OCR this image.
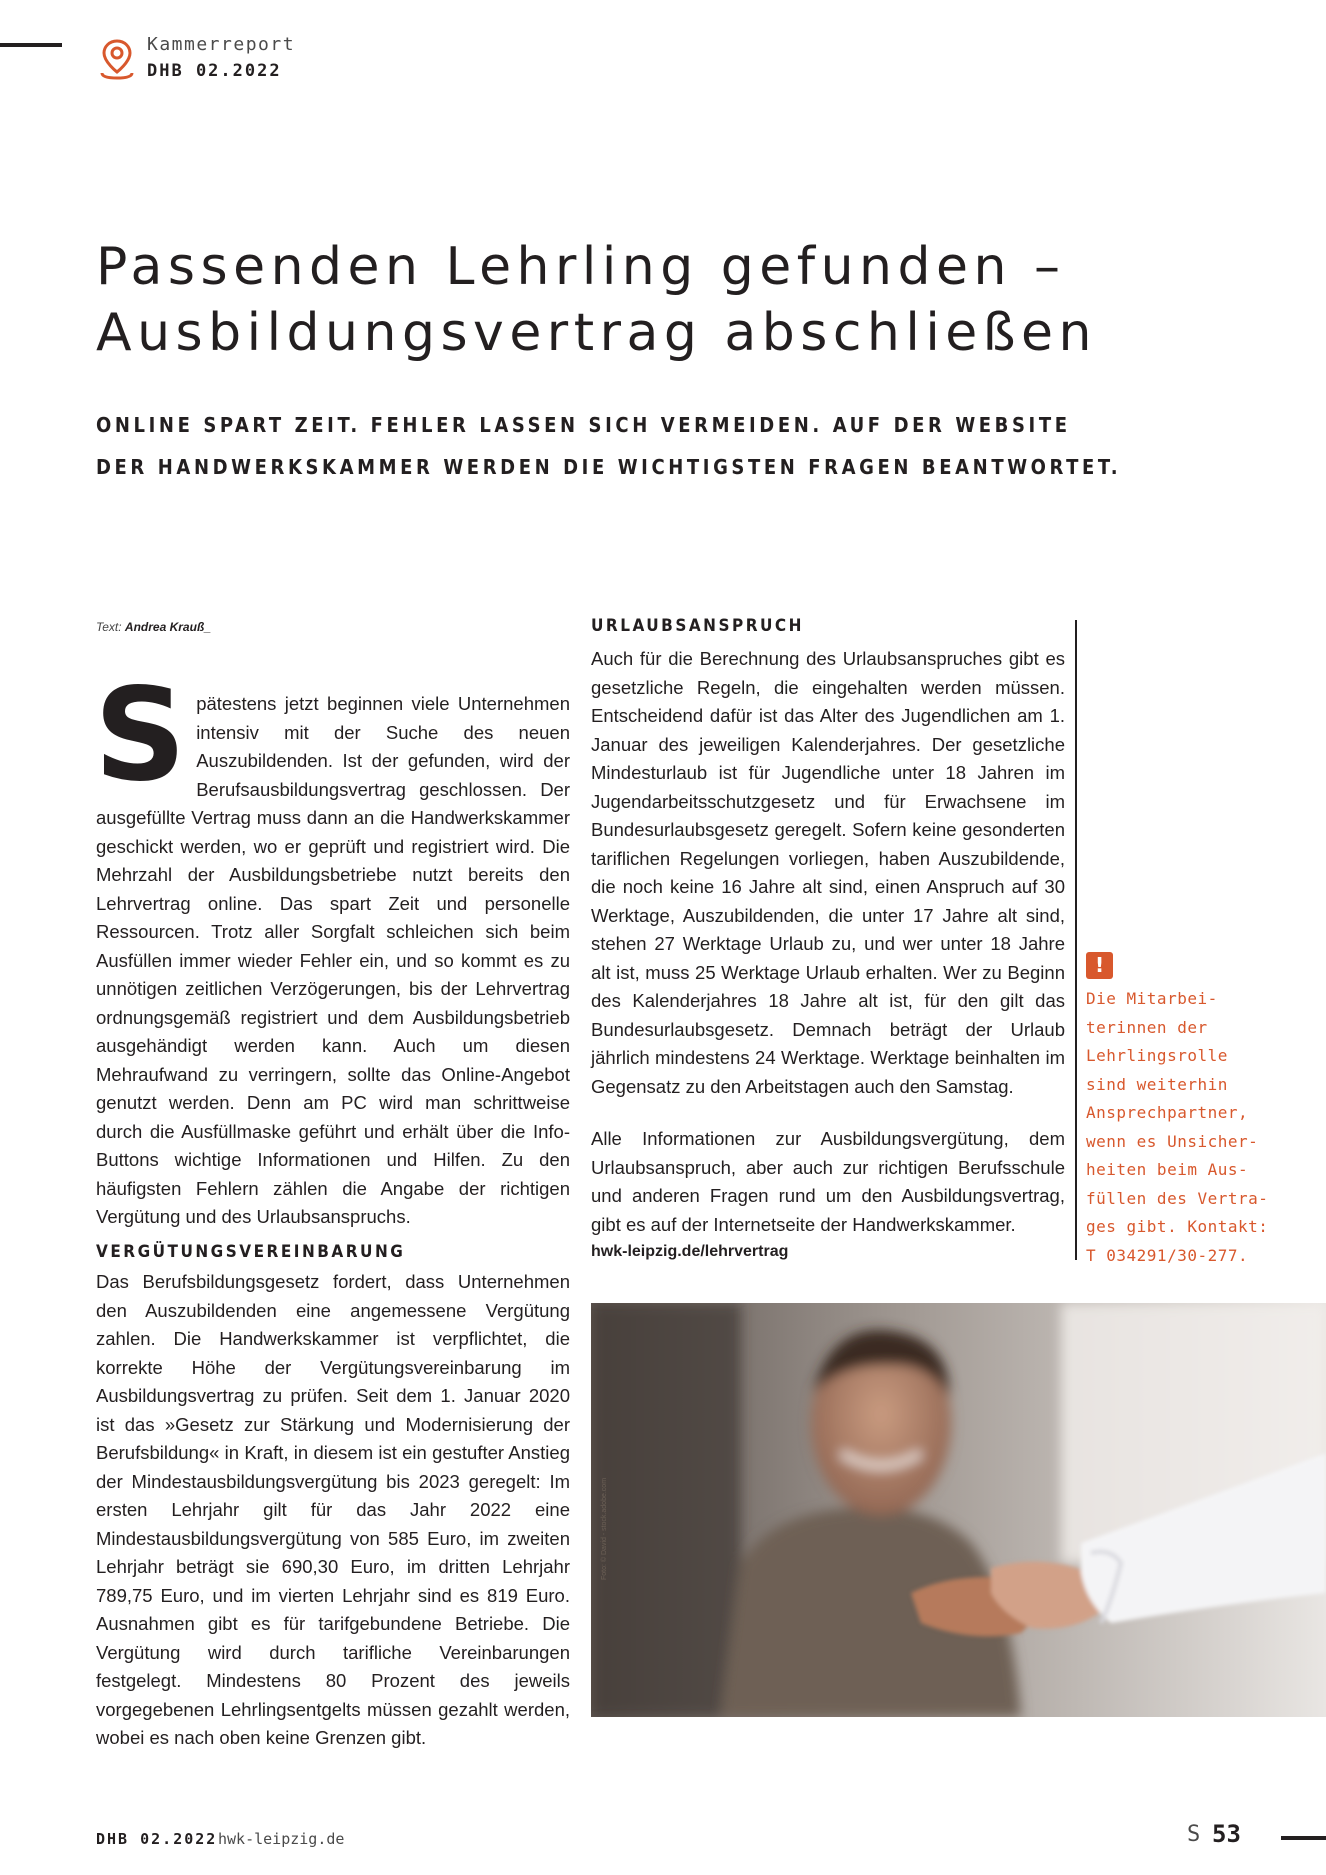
Kammerreport
DHB 02.2022
Passenden Lehrling gefunden –
Ausbildungsvertrag abschließen
ONLINE SPART ZEIT. FEHLER LASSEN SICH VERMEIDEN. AUF DER WEBSITE
DER HANDWERKSKAMMER WERDEN DIE WICHTIGSTEN FRAGEN BEANTWORTET.
Text: Andrea Krauß_
S pätestens jetzt beginnen viele Unternehmen intensiv mit der Suche des neuen Auszubildenden. Ist der gefunden, wird der Berufsausbildungsvertrag geschlossen. Der ausgefüllte Vertrag muss dann an die Handwerkskammer geschickt werden, wo er geprüft und registriert wird. Die Mehrzahl der Ausbildungsbetriebe nutzt bereits den Lehrvertrag online. Das spart Zeit und personelle Ressourcen. Trotz aller Sorgfalt schleichen sich beim Ausfüllen immer wieder Fehler ein, und so kommt es zu unnötigen zeitlichen Verzögerungen, bis der Lehrvertrag ordnungsgemäß registriert und dem Ausbildungsbetrieb ausgehändigt werden kann. Auch um diesen Mehraufwand zu verringern, sollte das Online-Angebot genutzt werden. Denn am PC wird man schrittweise durch die Ausfüllmaske geführt und erhält über die Info-Buttons wichtige Informationen und Hilfen. Zu den häufigsten Fehlern zählen die Angabe der richtigen Vergütung und des Urlaubsanspruchs.

VERGÜTUNGSVEREINBARUNG

Das Berufsbildungsgesetz fordert, dass Unternehmen den Auszubildenden eine angemessene Vergütung zahlen. Die Handwerkskammer ist verpflichtet, die korrekte Höhe der Vergütungsvereinbarung im Ausbildungsvertrag zu prüfen. Seit dem 1. Januar 2020 ist das »Gesetz zur Stärkung und Modernisierung der Berufsbildung« in Kraft, in diesem ist ein gestufter Anstieg der Mindestausbildungsvergütung bis 2023 geregelt: Im ersten Lehrjahr gilt für das Jahr 2022 eine Mindestausbildungsvergütung von 585 Euro, im zweiten Lehrjahr beträgt sie 690,30 Euro, im dritten Lehrjahr 789,75 Euro, und im vierten Lehrjahr sind es 819 Euro. Ausnahmen gibt es für tarifgebundene Betriebe. Die Vergütung wird durch tarifliche Vereinbarungen festgelegt. Mindestens 80 Prozent des jeweils vorgegebenen Lehrlingsentgelts müssen gezahlt werden, wobei es nach oben keine Grenzen gibt.

URLAUBSANSPRUCH

Auch für die Berechnung des Urlaubsanspruches gibt es gesetzliche Regeln, die eingehalten werden müssen. Entscheidend dafür ist das Alter des Jugendlichen am 1. Januar des jeweiligen Kalenderjahres. Der gesetzliche Mindesturlaub ist für Jugendliche unter 18 Jahren im Jugendarbeitsschutzgesetz und für Erwachsene im Bundesurlaubsgesetz geregelt. Sofern keine gesonderten tariflichen Regelungen vorliegen, haben Auszubildende, die noch keine 16 Jahre alt sind, einen Anspruch auf 30 Werktage, Auszubildenden, die unter 17 Jahre alt sind, stehen 27 Werktage Urlaub zu, und wer unter 18 Jahre alt ist, muss 25 Werktage Urlaub erhalten. Wer zu Beginn des Kalenderjahres 18 Jahre alt ist, für den gilt das Bundesurlaubsgesetz. Demnach beträgt der Urlaub jährlich mindestens 24 Werktage. Werktage beinhalten im Gegensatz zu den Arbeitstagen auch den Samstag.

Alle Informationen zur Ausbildungsvergütung, dem Urlaubsanspruch, aber auch zur richtigen Berufsschule und anderen Fragen rund um den Ausbildungsvertrag, gibt es auf der Internetseite der Handwerkskammer.

hwk-leipzig.de/lehrvertrag
!
Die Mitarbei-
terinnen der
Lehrlingsrolle
sind weiterhin
Ansprechpartner,
wenn es Unsicher-
heiten beim Aus-
füllen des Vertra-
ges gibt. Kontakt:
T 034291/30-277.
Foto: © David - stock.adobe.com
DHB 02.2022 hwk-leipzig.de	S 53
